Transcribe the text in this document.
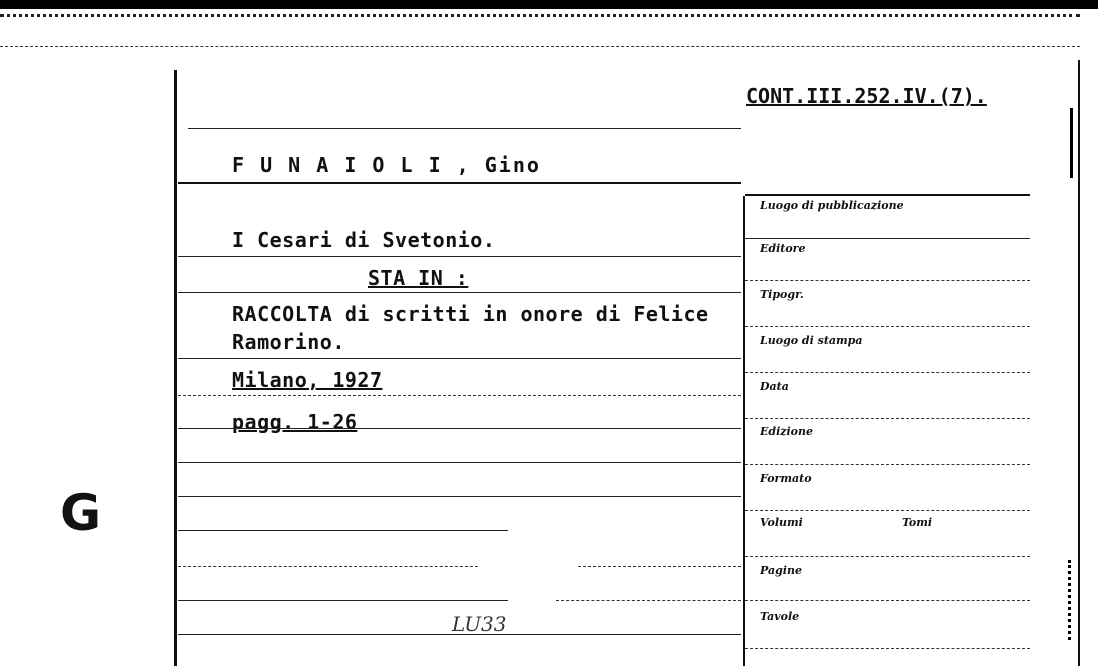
CONT.III.252.IV.(7).
F U N A I O L I , Gino
I Cesari di Svetonio.
STA IN :
RACCOLTA di scritti in onore di Felice
Ramorino.
Milano, 1927
pagg. 1-26
G
LU33
Luogo di pubblicazione
Editore
Tipogr.
Luogo di stampa
Data
Edizione
Formato
Volumi	Tomi
Pagine
Tavole
